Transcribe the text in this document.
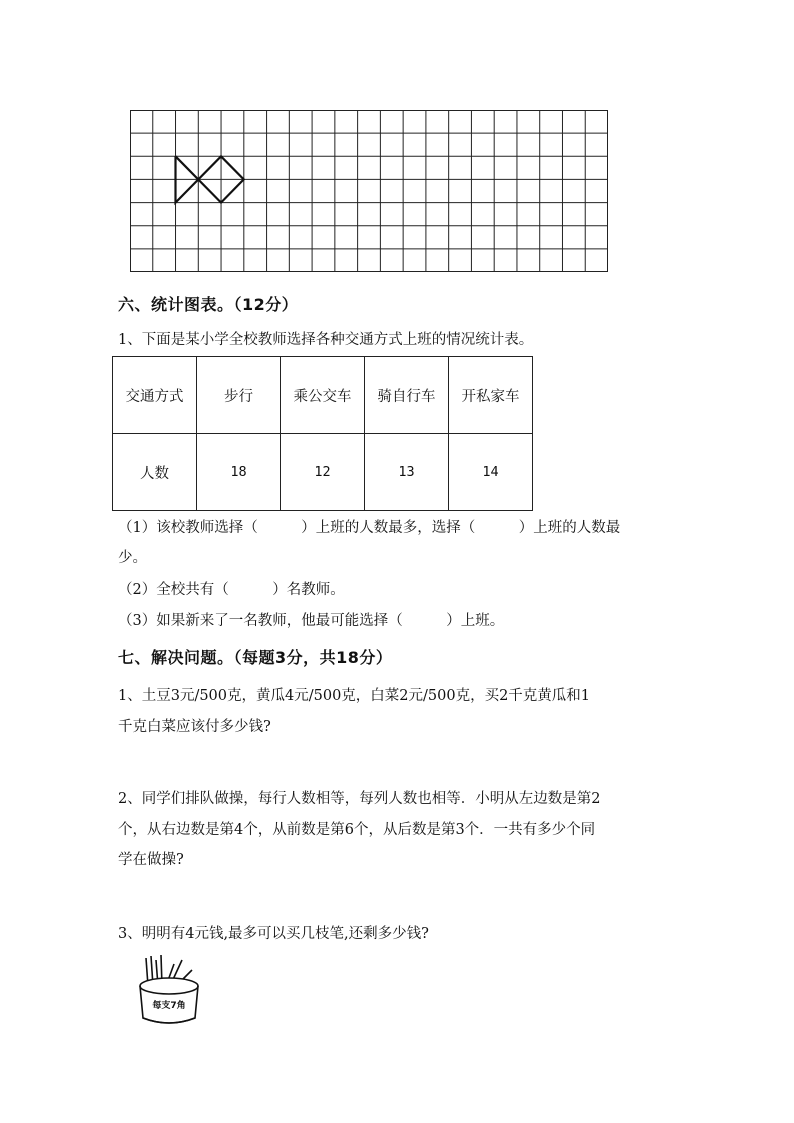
六、统计图表。（12分）
1、下面是某小学全校教师选择各种交通方式上班的情况统计表。
交通方式	步行	乘公交车	骑自行车	开私家车
人数	18	12	13	14
（1）该校教师选择（　　　）上班的人数最多，选择（　　　）上班的人数最
少。
（2）全校共有（　　　）名教师。
（3）如果新来了一名教师，他最可能选择（　　　）上班。
七、解决问题。（每题3分，共18分）
1、土豆3元/500克，黄瓜4元/500克，白菜2元/500克，买2千克黄瓜和1
千克白菜应该付多少钱?
2、同学们排队做操，每行人数相等，每列人数也相等．小明从左边数是第2
个，从右边数是第4个，从前数是第6个，从后数是第3个．一共有多少个同
学在做操?
3、明明有4元钱,最多可以买几枝笔,还剩多少钱?
每支7角
